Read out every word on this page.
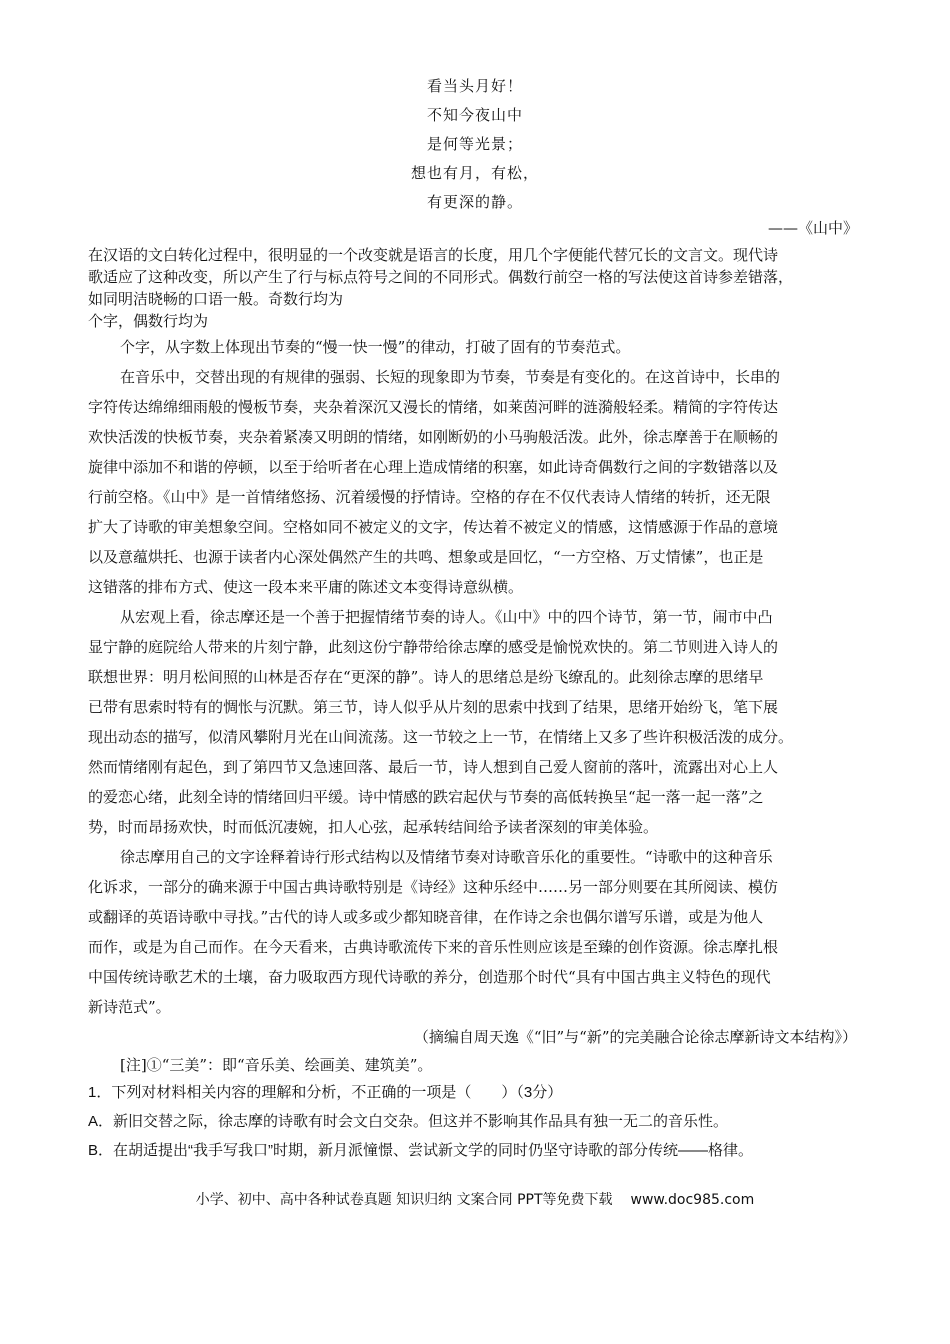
看当头月好！
不知今夜山中
是何等光景；
想也有月，有松，
有更深的静。
——《山中》

在汉语的文白转化过程中，很明显的一个改变就是语言的长度，用几个字便能代替冗长的文言文。现代诗
歌适应了这种改变，所以产生了行与标点符号之间的不同形式。偶数行前空一格的写法使这首诗参差错落，
如同明洁晓畅的口语一般。奇数行均为
个字，偶数行均为

个字，从字数上体现出节奏的“慢一快一慢”的律动，打破了固有的节奏范式。

在音乐中，交替出现的有规律的强弱、长短的现象即为节奏，节奏是有变化的。在这首诗中，长串的
字符传达绵绵细雨般的慢板节奏，夹杂着深沉又漫长的情绪，如莱茵河畔的涟漪般轻柔。精简的字符传达
欢快活泼的快板节奏，夹杂着紧凑又明朗的情绪，如刚断奶的小马驹般活泼。此外，徐志摩善于在顺畅的
旋律中添加不和谐的停顿，以至于给听者在心理上造成情绪的积塞，如此诗奇偶数行之间的字数错落以及
行前空格。《山中》是一首情绪悠扬、沉着缓慢的抒情诗。空格的存在不仅代表诗人情绪的转折，还无限
扩大了诗歌的审美想象空间。空格如同不被定义的文字，传达着不被定义的情感，这情感源于作品的意境
以及意蕴烘托、也源于读者内心深处偶然产生的共鸣、想象或是回忆，“一方空格、万丈情愫”，也正是
这错落的排布方式、使这一段本来平庸的陈述文本变得诗意纵横。

从宏观上看，徐志摩还是一个善于把握情绪节奏的诗人。《山中》中的四个诗节，第一节，闹市中凸
显宁静的庭院给人带来的片刻宁静，此刻这份宁静带给徐志摩的感受是愉悦欢快的。第二节则进入诗人的
联想世界：明月松间照的山林是否存在“更深的静”。诗人的思绪总是纷飞缭乱的。此刻徐志摩的思绪早
已带有思索时特有的惆怅与沉默。第三节，诗人似乎从片刻的思索中找到了结果，思绪开始纷飞，笔下展
现出动态的描写，似清风攀附月光在山间流荡。这一节较之上一节，在情绪上又多了些许积极活泼的成分。
然而情绪刚有起色，到了第四节又急速回落、最后一节，诗人想到自己爱人窗前的落叶，流露出对心上人
的爱恋心绪，此刻全诗的情绪回归平缓。诗中情感的跌宕起伏与节奏的高低转换呈“起一落一起一落”之
势，时而昂扬欢快，时而低沉凄婉，扣人心弦，起承转结间给予读者深刻的审美体验。

徐志摩用自己的文字诠释着诗行形式结构以及情绪节奏对诗歌音乐化的重要性。“诗歌中的这种音乐
化诉求，一部分的确来源于中国古典诗歌特别是《诗经》这种乐经中……另一部分则要在其所阅读、模仿
或翻译的英语诗歌中寻找。”古代的诗人或多或少都知晓音律，在作诗之余也偶尔谱写乐谱，或是为他人
而作，或是为自己而作。在今天看来，古典诗歌流传下来的音乐性则应该是至臻的创作资源。徐志摩扎根
中国传统诗歌艺术的土壤，奋力吸取西方现代诗歌的养分，创造那个时代“具有中国古典主义特色的现代
新诗范式”。

（摘编自周天逸《“旧”与“新”的完美融合论徐志摩新诗文本结构》）
[注]①“三美”：即“音乐美、绘画美、建筑美”。
1．下列对材料相关内容的理解和分析，不正确的一项是（　　）（3分）
A．新旧交替之际，徐志摩的诗歌有时会文白交杂。但这并不影响其作品具有独一无二的音乐性。
B．在胡适提出“我手写我口”时期，新月派憧憬、尝试新文学的同时仍坚守诗歌的部分传统——格律。
小学、初中、高中各种试卷真题 知识归纳 文案合同 PPT等免费下载 www.doc985.com
